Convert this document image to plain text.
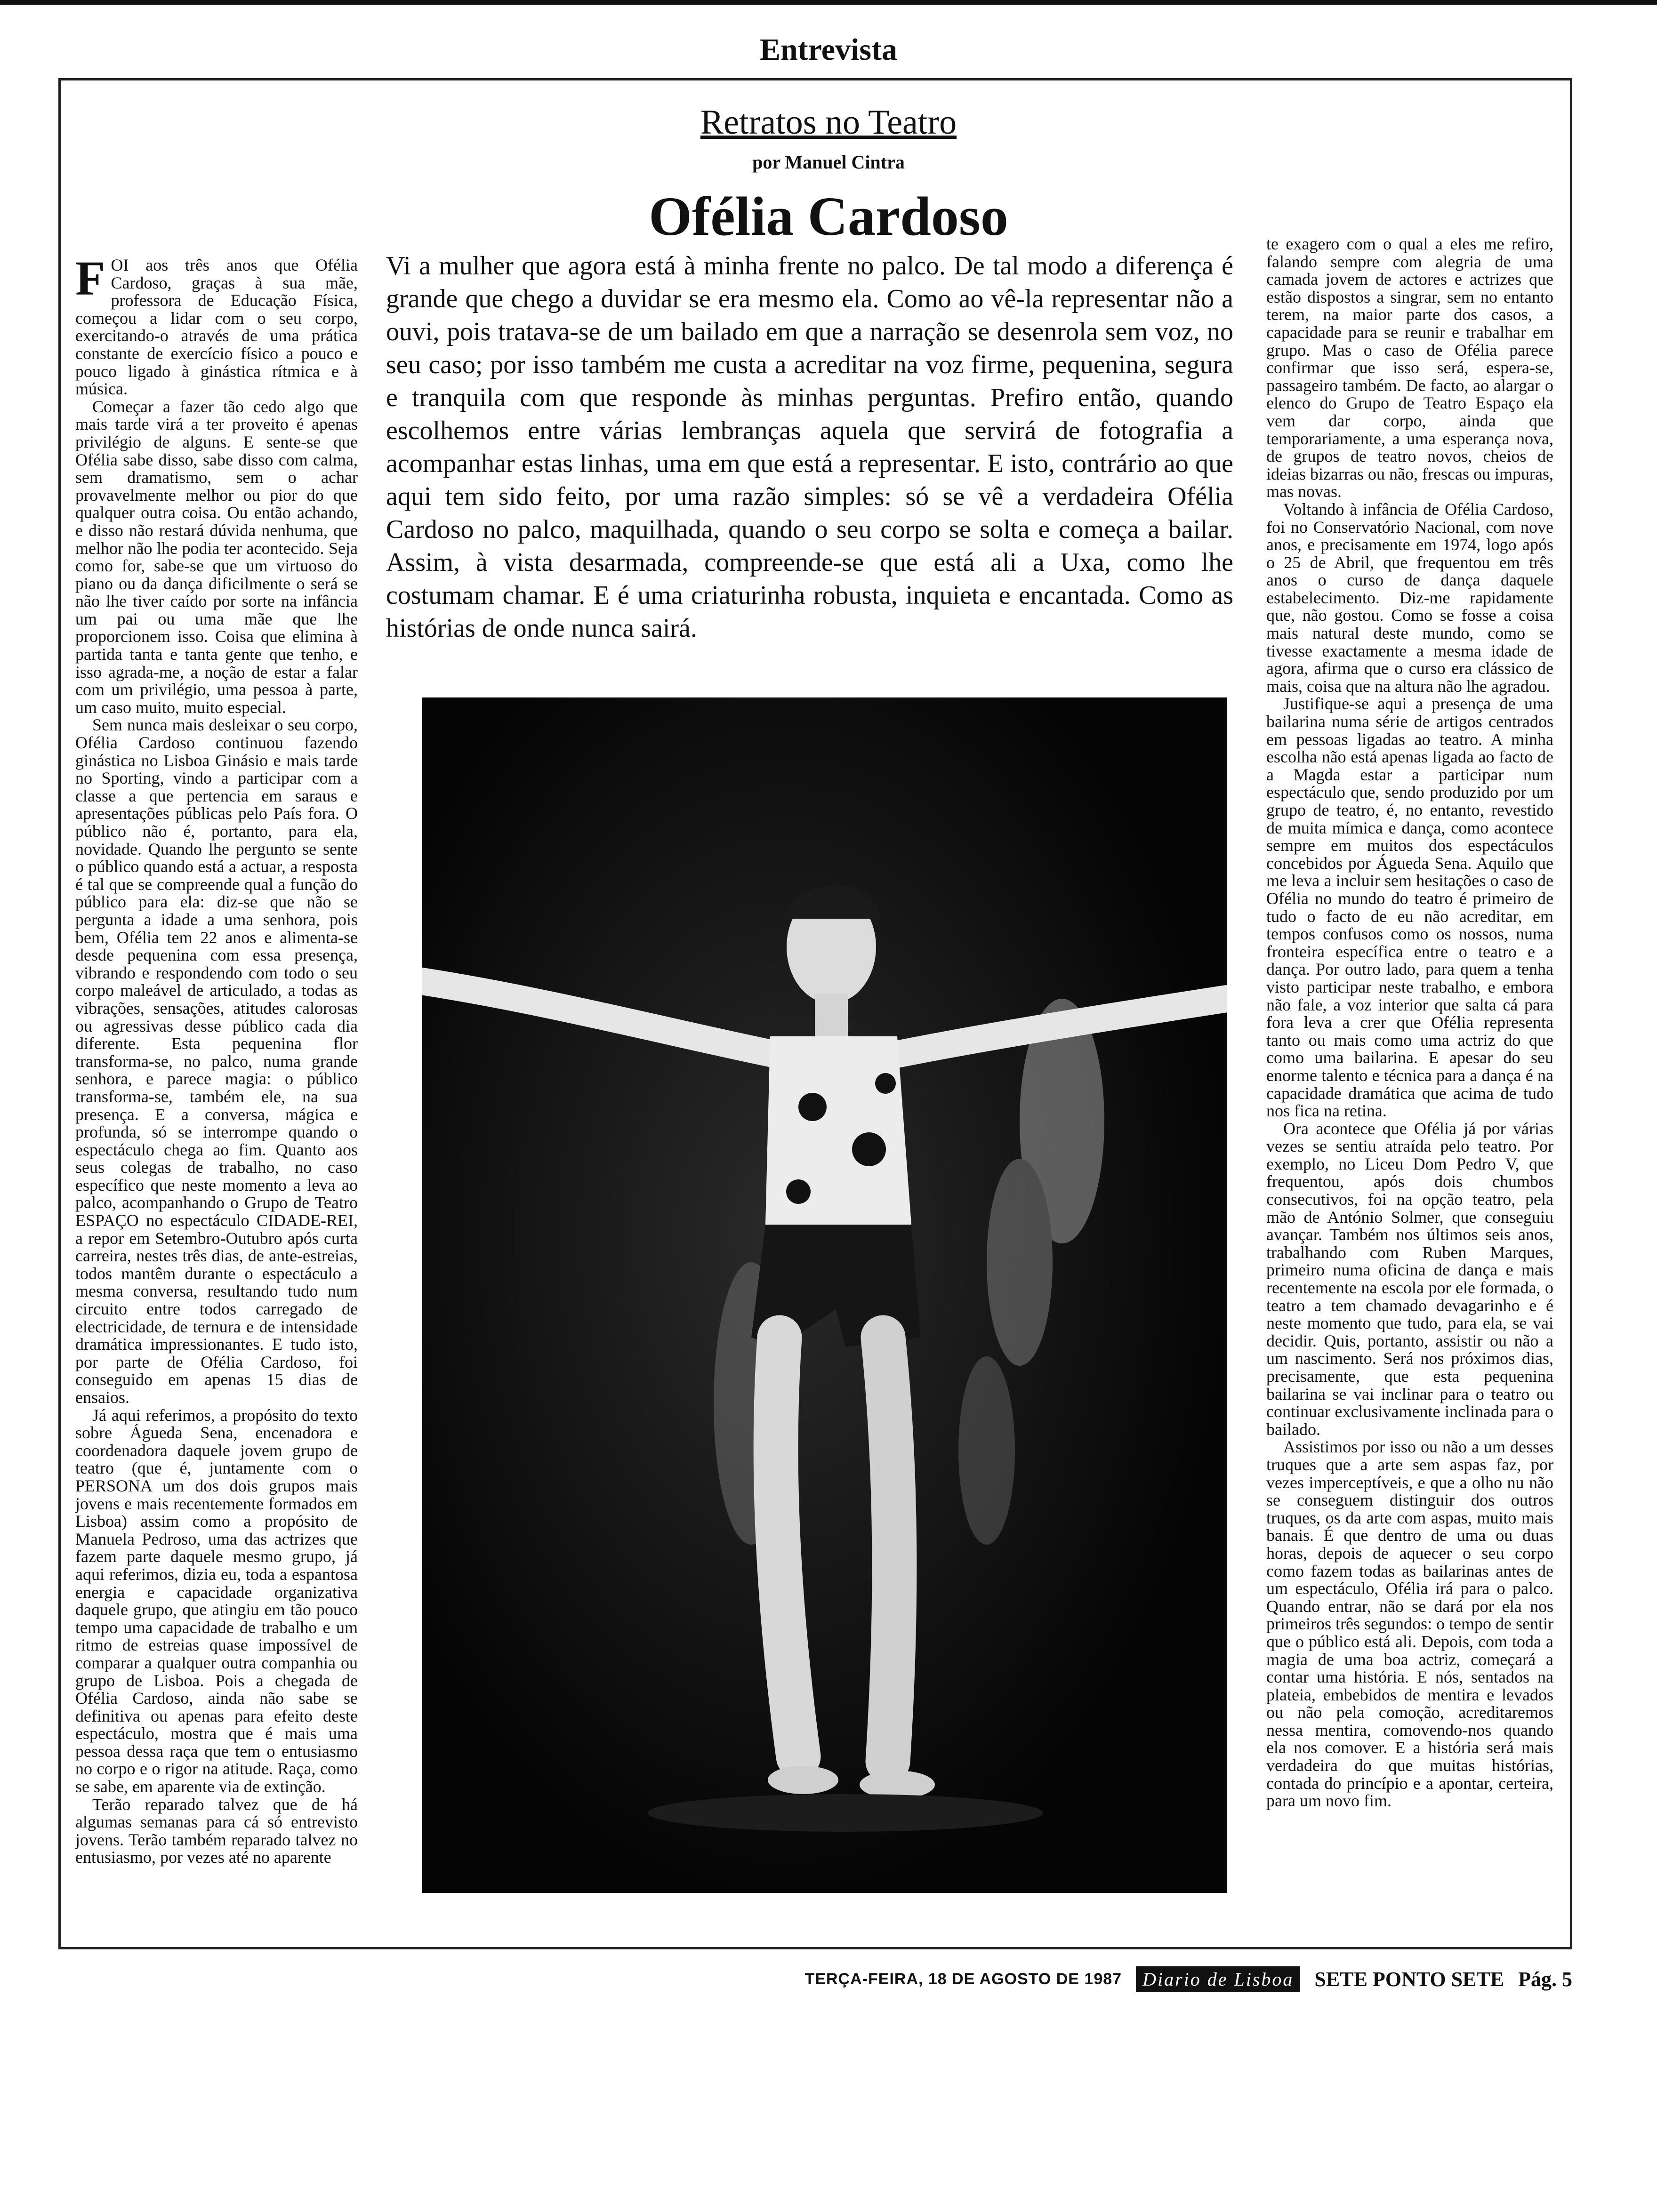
Entrevista
Retratos no Teatro
por Manuel Cintra
Ofélia Cardoso

FOI aos três anos que Ofélia Cardoso, graças à sua mãe, professora de Educação Física, começou a lidar com o seu corpo, exercitando-o através de uma prática constante de exercício físico a pouco e pouco ligado à ginástica rítmica e à música.

Começar a fazer tão cedo algo que mais tarde virá a ter proveito é apenas privilégio de alguns. E sente-se que Ofélia sabe disso, sabe disso com calma, sem dramatismo, sem o achar provavelmente melhor ou pior do que qualquer outra coisa. Ou então achando, e disso não restará dúvida nenhuma, que melhor não lhe podia ter acontecido. Seja como for, sabe-se que um virtuoso do piano ou da dança dificilmente o será se não lhe tiver caído por sorte na infância um pai ou uma mãe que lhe proporcionem isso. Coisa que elimina à partida tanta e tanta gente que tenho, e isso agrada-me, a noção de estar a falar com um privilégio, uma pessoa à parte, um caso muito, muito especial.

Sem nunca mais desleixar o seu corpo, Ofélia Cardoso continuou fazendo ginástica no Lisboa Ginásio e mais tarde no Sporting, vindo a participar com a classe a que pertencia em saraus e apresentações públicas pelo País fora. O público não é, portanto, para ela, novidade. Quando lhe pergunto se sente o público quando está a actuar, a resposta é tal que se compreende qual a função do público para ela: diz-se que não se pergunta a idade a uma senhora, pois bem, Ofélia tem 22 anos e alimenta-se desde pequenina com essa presença, vibrando e respondendo com todo o seu corpo maleável de articulado, a todas as vibrações, sensações, atitudes calorosas ou agressivas desse público cada dia diferente. Esta pequenina flor transforma-se, no palco, numa grande senhora, e parece magia: o público transforma-se, também ele, na sua presença. E a conversa, mágica e profunda, só se interrompe quando o espectáculo chega ao fim. Quanto aos seus colegas de trabalho, no caso específico que neste momento a leva ao palco, acompanhando o Grupo de Teatro ESPAÇO no espectáculo CIDADE-REI, a repor em Setembro-Outubro após curta carreira, nestes três dias, de ante-estreias, todos mantêm durante o espectáculo a mesma conversa, resultando tudo num circuito entre todos carregado de electricidade, de ternura e de intensidade dramática impressionantes. E tudo isto, por parte de Ofélia Cardoso, foi conseguido em apenas 15 dias de ensaios.

Já aqui referimos, a propósito do texto sobre Águeda Sena, encenadora e coordenadora daquele jovem grupo de teatro (que é, juntamente com o PERSONA um dos dois grupos mais jovens e mais recentemente formados em Lisboa) assim como a propósito de Manuela Pedroso, uma das actrizes que fazem parte daquele mesmo grupo, já aqui referimos, dizia eu, toda a espantosa energia e capacidade organizativa daquele grupo, que atingiu em tão pouco tempo uma capacidade de trabalho e um ritmo de estreias quase impossível de comparar a qualquer outra companhia ou grupo de Lisboa. Pois a chegada de Ofélia Cardoso, ainda não sabe se definitiva ou apenas para efeito deste espectáculo, mostra que é mais uma pessoa dessa raça que tem o entusiasmo no corpo e o rigor na atitude. Raça, como se sabe, em aparente via de extinção.

Terão reparado talvez que de há algumas semanas para cá só entrevisto jovens. Terão também reparado talvez no entusiasmo, por vezes até no aparente

Vi a mulher que agora está à minha frente no palco. De tal modo a diferença é grande que chego a duvidar se era mesmo ela. Como ao vê-la representar não a ouvi, pois tratava-se de um bailado em que a narração se desenrola sem voz, no seu caso; por isso também me custa a acreditar na voz firme, pequenina, segura e tranquila com que responde às minhas perguntas. Prefiro então, quando escolhemos entre várias lembranças aquela que servirá de fotografia a acompanhar estas linhas, uma em que está a representar. E isto, contrário ao que aqui tem sido feito, por uma razão simples: só se vê a verdadeira Ofélia Cardoso no palco, maquilhada, quando o seu corpo se solta e começa a bailar. Assim, à vista desarmada, compreende-se que está ali a Uxa, como lhe costumam chamar. E é uma criaturinha robusta, inquieta e encantada. Como as histórias de onde nunca sairá.

te exagero com o qual a eles me refiro, falando sempre com alegria de uma camada jovem de actores e actrizes que estão dispostos a singrar, sem no entanto terem, na maior parte dos casos, a capacidade para se reunir e trabalhar em grupo. Mas o caso de Ofélia parece confirmar que isso será, espera-se, passageiro também. De facto, ao alargar o elenco do Grupo de Teatro Espaço ela vem dar corpo, ainda que temporariamente, a uma esperança nova, de grupos de teatro novos, cheios de ideias bizarras ou não, frescas ou impuras, mas novas.

Voltando à infância de Ofélia Cardoso, foi no Conservatório Nacional, com nove anos, e precisamente em 1974, logo após o 25 de Abril, que frequentou em três anos o curso de dança daquele estabelecimento. Diz-me rapidamente que, não gostou. Como se fosse a coisa mais natural deste mundo, como se tivesse exactamente a mesma idade de agora, afirma que o curso era clássico de mais, coisa que na altura não lhe agradou.

Justifique-se aqui a presença de uma bailarina numa série de artigos centrados em pessoas ligadas ao teatro. A minha escolha não está apenas ligada ao facto de a Magda estar a participar num espectáculo que, sendo produzido por um grupo de teatro, é, no entanto, revestido de muita mímica e dança, como acontece sempre em muitos dos espectáculos concebidos por Águeda Sena. Aquilo que me leva a incluir sem hesitações o caso de Ofélia no mundo do teatro é primeiro de tudo o facto de eu não acreditar, em tempos confusos como os nossos, numa fronteira específica entre o teatro e a dança. Por outro lado, para quem a tenha visto participar neste trabalho, e embora não fale, a voz interior que salta cá para fora leva a crer que Ofélia representa tanto ou mais como uma actriz do que como uma bailarina. E apesar do seu enorme talento e técnica para a dança é na capacidade dramática que acima de tudo nos fica na retina.

Ora acontece que Ofélia já por várias vezes se sentiu atraída pelo teatro. Por exemplo, no Liceu Dom Pedro V, que frequentou, após dois chumbos consecutivos, foi na opção teatro, pela mão de António Solmer, que conseguiu avançar. Também nos últimos seis anos, trabalhando com Ruben Marques, primeiro numa oficina de dança e mais recentemente na escola por ele formada, o teatro a tem chamado devagarinho e é neste momento que tudo, para ela, se vai decidir. Quis, portanto, assistir ou não a um nascimento. Será nos próximos dias, precisamente, que esta pequenina bailarina se vai inclinar para o teatro ou continuar exclusivamente inclinada para o bailado.

Assistimos por isso ou não a um desses truques que a arte sem aspas faz, por vezes imperceptíveis, e que a olho nu não se conseguem distinguir dos outros truques, os da arte com aspas, muito mais banais. É que dentro de uma ou duas horas, depois de aquecer o seu corpo como fazem todas as bailarinas antes de um espectáculo, Ofélia irá para o palco. Quando entrar, não se dará por ela nos primeiros três segundos: o tempo de sentir que o público está ali. Depois, com toda a magia de uma boa actriz, começará a contar uma história. E nós, sentados na plateia, embebidos de mentira e levados ou não pela comoção, acreditaremos nessa mentira, comovendo-nos quando ela nos comover. E a história será mais verdadeira do que muitas histórias, contada do princípio e a apontar, certeira, para um novo fim.

TERÇA-FEIRA, 18 DE AGOSTO DE 1987	Diario de Lisboa	SETE PONTO SETE Pág. 5
